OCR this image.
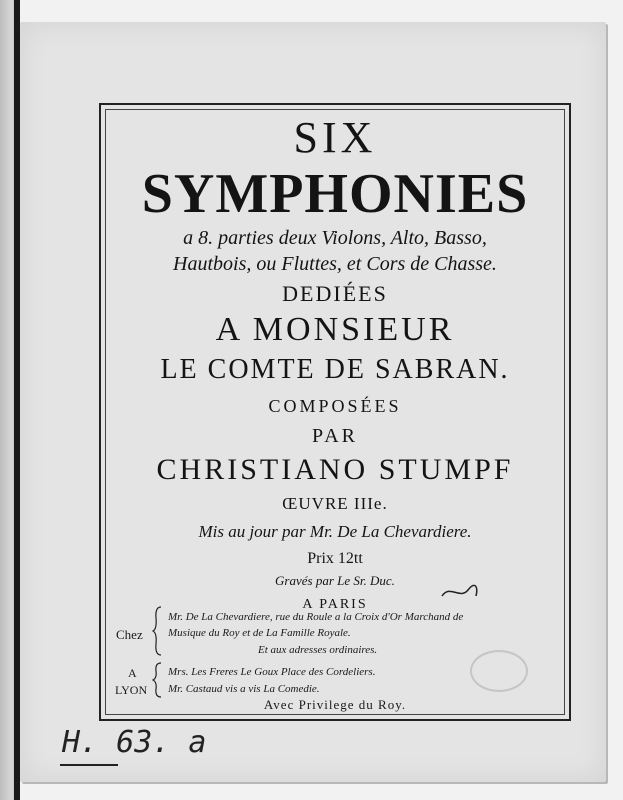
SIX
SYMPHONIES
a 8. parties deux Violons, Alto, Basso,
Hautbois, ou Fluttes, et Cors de Chasse.
DEDIÉES
A MONSIEUR
LE COMTE DE SABRAN.
COMPOSÉES
PAR
CHRISTIANO STUMPF
ŒUVRE IIIe.
Mis au jour par Mr. De La Chevardiere.
Prix 12tt
Gravés par Le Sr. Duc.
A PARIS
Chez
Mr. De La Chevardiere, rue du Roule a la Croix d'Or Marchand de
Musique du Roy et de La Famille Royale.
Et aux adresses ordinaires.
A
LYON
Mrs. Les Freres Le Goux Place des Cordeliers.
Mr. Castaud vis a vis La Comedie.
Avec Privilege du Roy.
H. 63. a
